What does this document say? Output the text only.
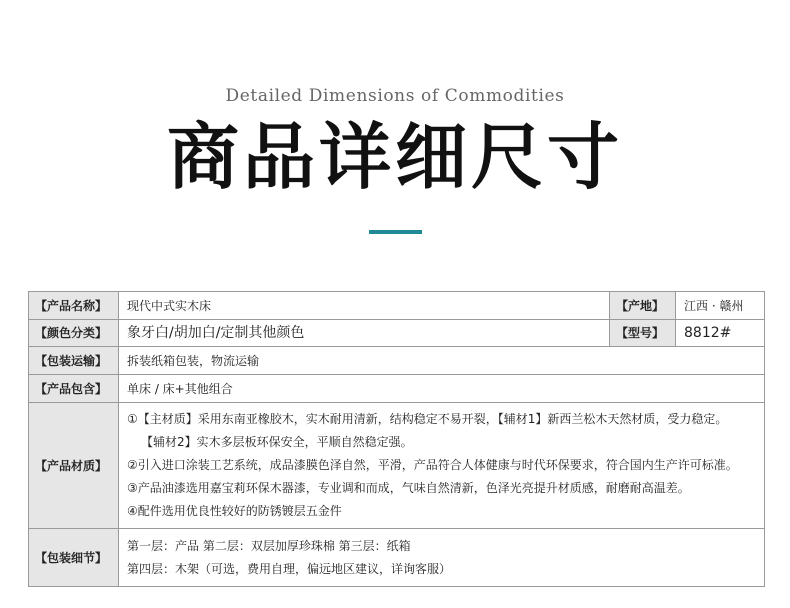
Detailed Dimensions of Commodities
商品详细尺寸
【产品名称】	现代中式实木床	【产地】	江西 · 赣州
【颜色分类】	象牙白/胡加白/定制其他颜色	【型号】	8812#
【包装运输】	拆装纸箱包装，物流运输		
【产品包含】	单床 / 床+其他组合		
【产品材质】	①【主材质】采用东南亚橡胶木，实木耐用清新，结构稳定不易开裂，【辅材1】新西兰松木天然材质，受力稳定。
【辅材2】实木多层板环保安全，平顺自然稳定强。
②引入进口涂装工艺系统，成品漆膜色泽自然，平滑，产品符合人体健康与时代环保要求，符合国内生产许可标准。
③产品油漆选用嘉宝莉环保木器漆，专业调和而成，气味自然清新，色泽光亮提升材质感，耐磨耐高温差。
④配件选用优良性较好的防锈镀层五金件		

【包装细节】	第一层：产品 第二层：双层加厚珍珠棉 第三层：纸箱
第四层：木架（可选，费用自理，偏远地区建议，详询客服）		
